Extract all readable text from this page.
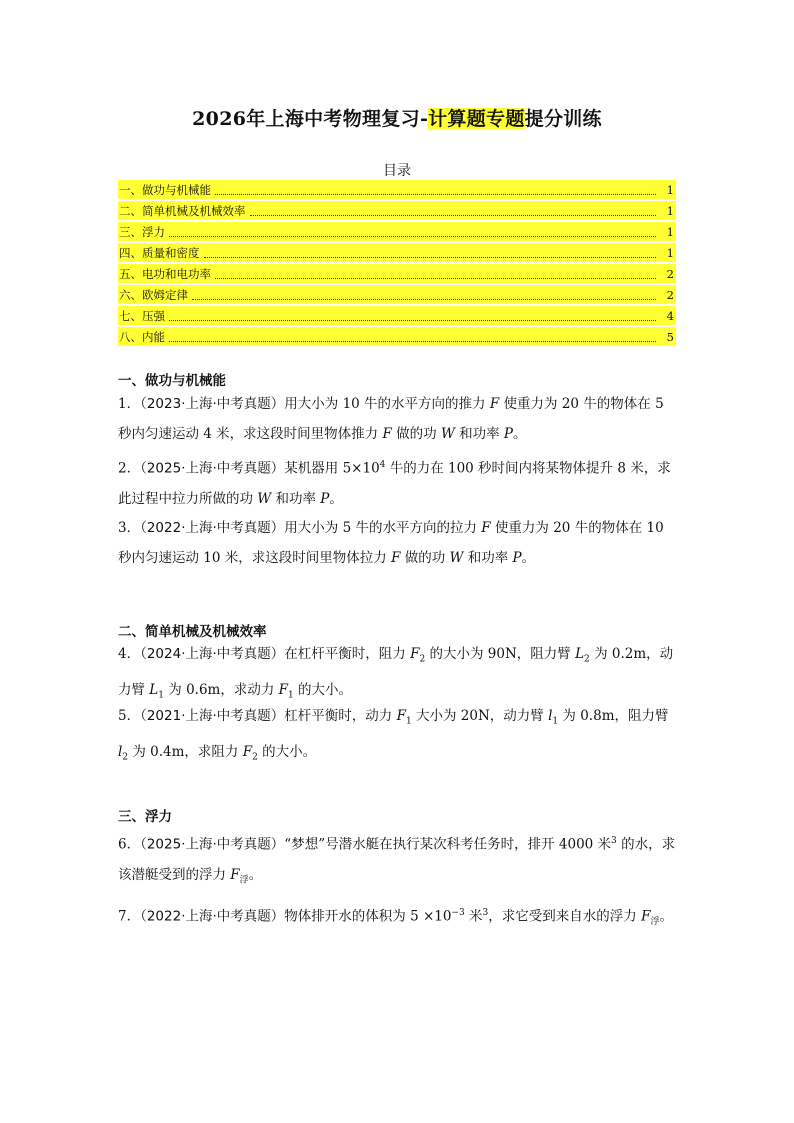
2026年上海中考物理复习-计算题专题提分训练
目录
一、做功与机械能	1
二、简单机械及机械效率	1
三、浮力	1
四、质量和密度	1
五、电功和电功率	2
六、欧姆定律	2
七、压强	4
八、内能	5
一、做功与机械能
1．（2023·上海·中考真题）用大小为 10 牛的水平方向的推力 F 使重力为 20 牛的物体在 5 秒内匀速运动 4 米，求这段时间里物体推力 F 做的功 W 和功率 P。
2．（2025·上海·中考真题）某机器用 $5\times 10^4$ 牛的力在 100 秒时间内将某物体提升 8 米，求此过程中拉力所做的功 W 和功率 P。
3．（2022·上海·中考真题）用大小为 5 牛的水平方向的拉力 F 使重力为 20 牛的物体在 10 秒内匀速运动 10 米，求这段时间里物体拉力 F 做的功 W 和功率 P。
二、简单机械及机械效率
4．（2024·上海·中考真题）在杠杆平衡时，阻力 $F_2$ 的大小为 90N，阻力臂 $L_2$ 为 0.2m，动力臂 $L_1$ 为 0.6m，求动力 $F_1$ 的大小。
5．（2021·上海·中考真题）杠杆平衡时，动力 $F_1$ 大小为 20N，动力臂 $l_1$ 为 0.8m，阻力臂 $l_2$ 为 0.4m，求阻力 $F_2$ 的大小。
三、浮力
6．（2025·上海·中考真题）“梦想”号潜水艇在执行某次科考任务时，排开 4000 米$^3$ 的水，求该潜艇受到的浮力 $F_浮$。
7．（2022·上海·中考真题）物体排开水的体积为 $5 \times 10^{-3}$ 米$^3$，求它受到来自水的浮力 $F_浮$。
